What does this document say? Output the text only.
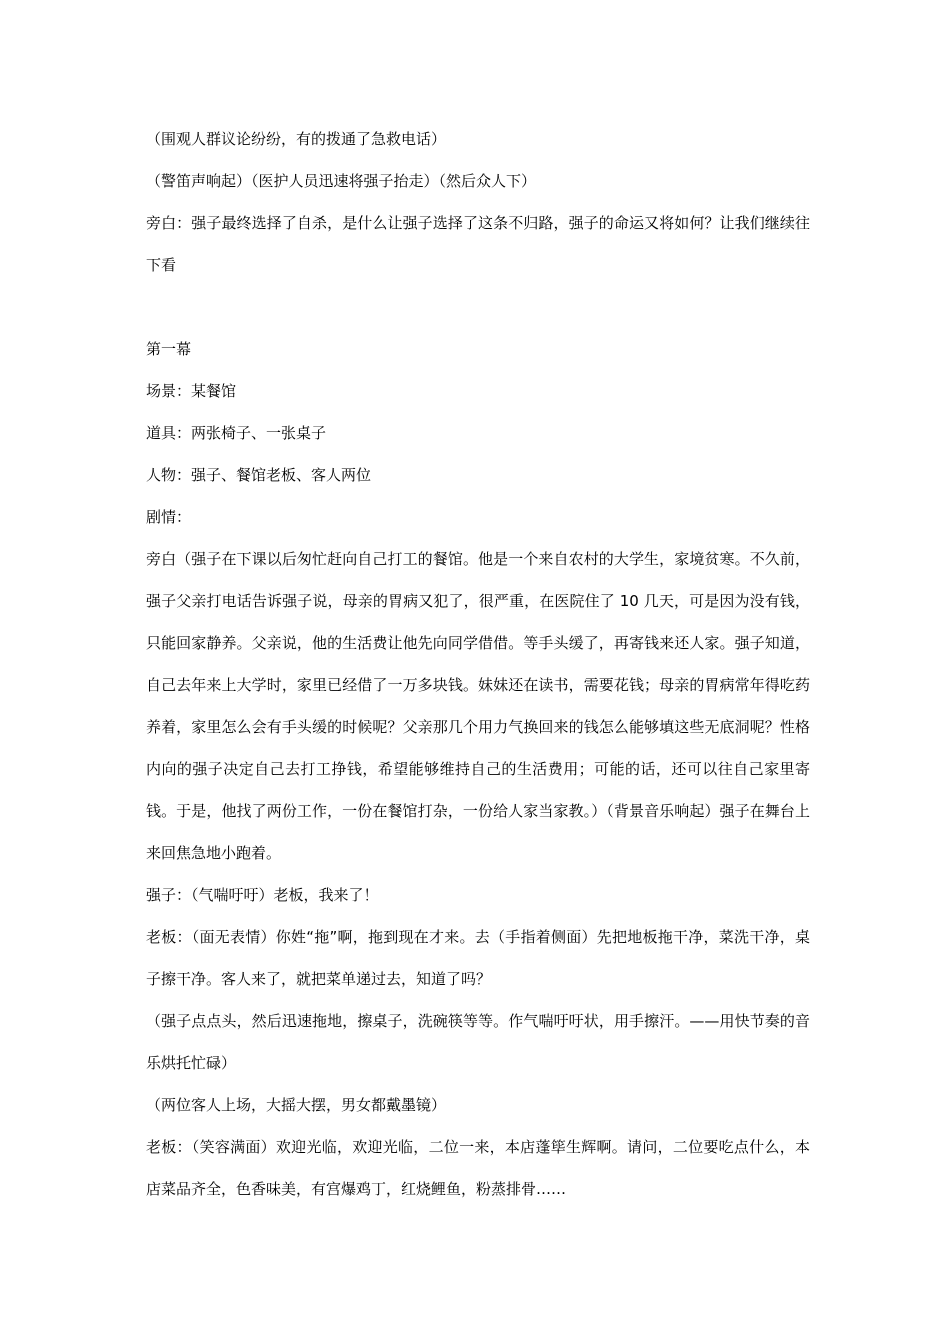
（围观人群议论纷纷，有的拨通了急救电话）

（警笛声响起）（医护人员迅速将强子抬走）（然后众人下）

旁白：强子最终选择了自杀，是什么让强子选择了这条不归路，强子的命运又将如何？让我们继续往下看

第一幕

场景：某餐馆

道具：两张椅子、一张桌子

人物：强子、餐馆老板、客人两位

剧情：

旁白（强子在下课以后匆忙赶向自己打工的餐馆。他是一个来自农村的大学生，家境贫寒。不久前，强子父亲打电话告诉强子说，母亲的胃病又犯了，很严重，在医院住了 10 几天，可是因为没有钱，只能回家静养。父亲说，他的生活费让他先向同学借借。等手头缓了，再寄钱来还人家。强子知道，自己去年来上大学时，家里已经借了一万多块钱。妹妹还在读书，需要花钱；母亲的胃病常年得吃药养着，家里怎么会有手头缓的时候呢？父亲那几个用力气换回来的钱怎么能够填这些无底洞呢？性格内向的强子决定自己去打工挣钱，希望能够维持自己的生活费用；可能的话，还可以往自己家里寄钱。于是，他找了两份工作，一份在餐馆打杂，一份给人家当家教。）（背景音乐响起）强子在舞台上来回焦急地小跑着。

强子：（气喘吁吁）老板，我来了！

老板：（面无表情）你姓“拖”啊，拖到现在才来。去（手指着侧面）先把地板拖干净，菜洗干净，桌子擦干净。客人来了，就把菜单递过去，知道了吗？

（强子点点头，然后迅速拖地，擦桌子，洗碗筷等等。作气喘吁吁状，用手擦汗。——用快节奏的音乐烘托忙碌）

（两位客人上场，大摇大摆，男女都戴墨镜）

老板：（笑容满面）欢迎光临，欢迎光临，二位一来，本店蓬筚生辉啊。请问，二位要吃点什么，本店菜品齐全，色香味美，有宫爆鸡丁，红烧鲤鱼，粉蒸排骨……
